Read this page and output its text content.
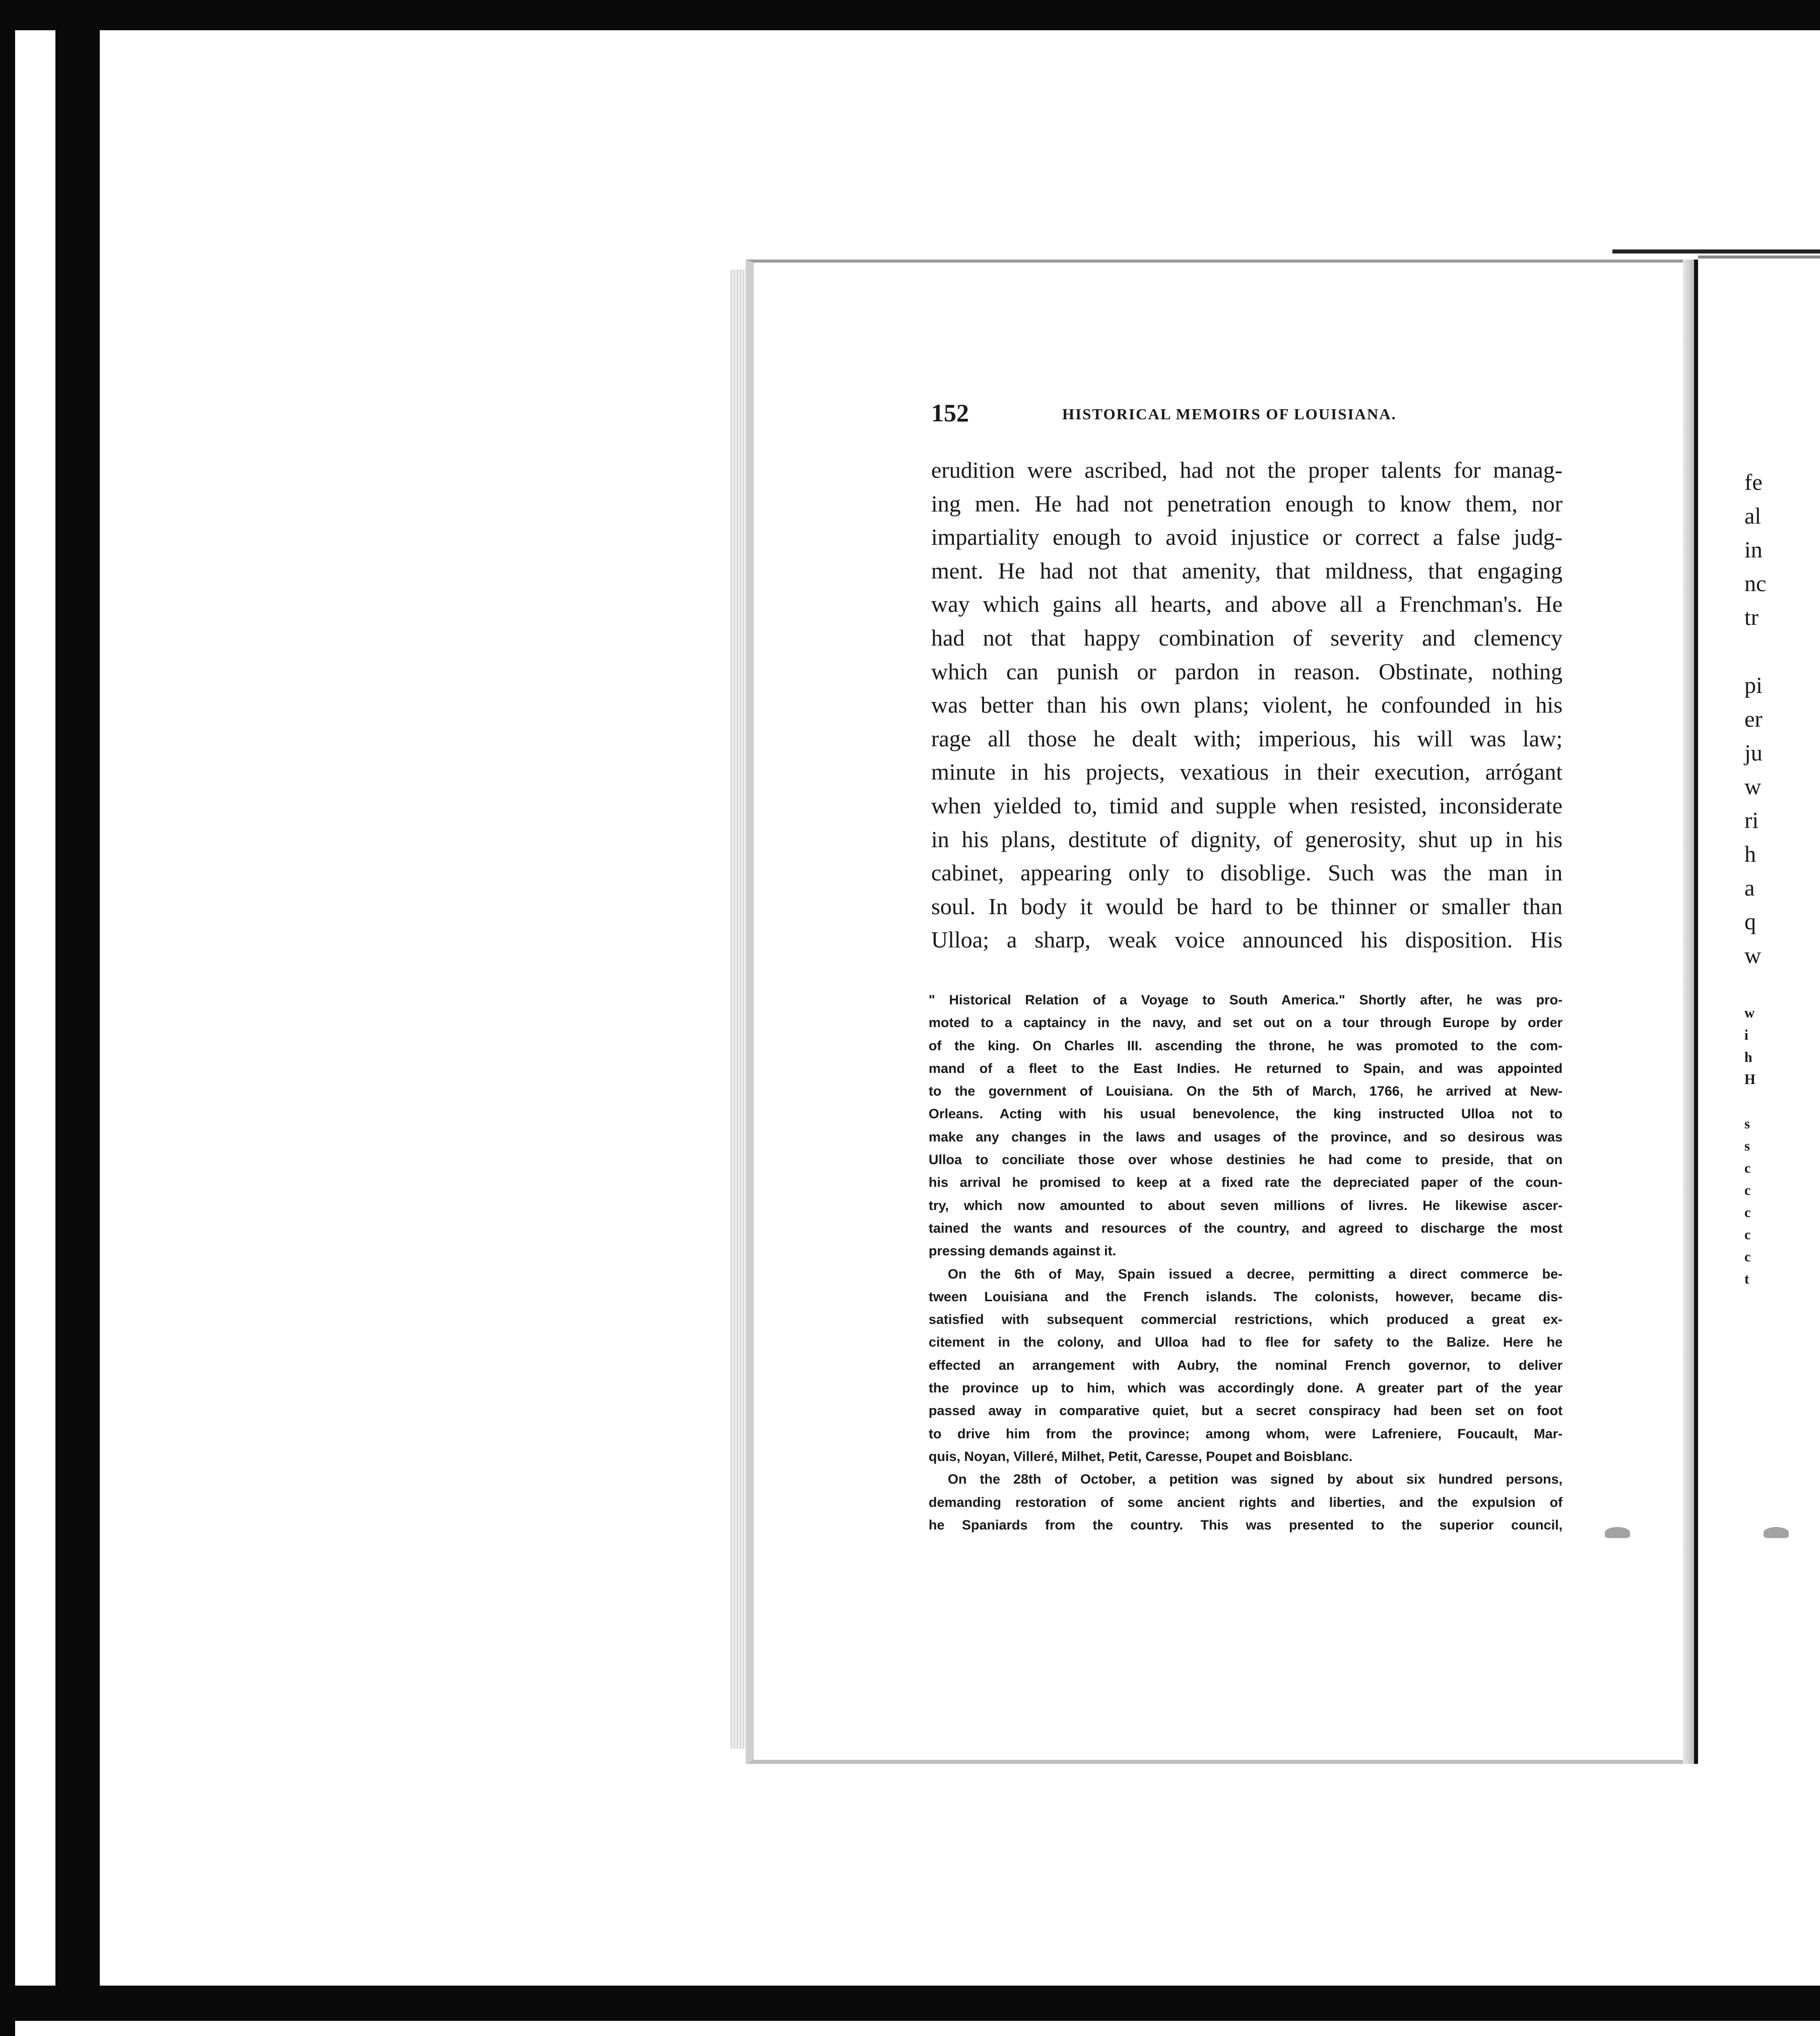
fe
al
in
nc
tr
pi
er
ju
w
ri
h
a
q
w
w
i
h
H
s
s
c
c
c
c
c
t
152	HISTORICAL MEMOIRS OF LOUISIANA.
erudition were ascribed, had not the proper talents for manag-
ing men. He had not penetration enough to know them, nor
impartiality enough to avoid injustice or correct a false judg-
ment. He had not that amenity, that mildness, that engaging
way which gains all hearts, and above all a Frenchman's. He
had not that happy combination of severity and clemency
which can punish or pardon in reason. Obstinate, nothing
was better than his own plans; violent, he confounded in his
rage all those he dealt with; imperious, his will was law;
minute in his projects, vexatious in their execution, arrógant
when yielded to, timid and supple when resisted, inconsiderate
in his plans, destitute of dignity, of generosity, shut up in his
cabinet, appearing only to disoblige. Such was the man in
soul. In body it would be hard to be thinner or smaller than
Ulloa; a sharp, weak voice announced his disposition. His
" Historical Relation of a Voyage to South America." Shortly after, he was pro-
moted to a captaincy in the navy, and set out on a tour through Europe by order
of the king. On Charles III. ascending the throne, he was promoted to the com-
mand of a fleet to the East Indies. He returned to Spain, and was appointed
to the government of Louisiana. On the 5th of March, 1766, he arrived at New-
Orleans. Acting with his usual benevolence, the king instructed Ulloa not to
make any changes in the laws and usages of the province, and so desirous was
Ulloa to conciliate those over whose destinies he had come to preside, that on
his arrival he promised to keep at a fixed rate the depreciated paper of the coun-
try, which now amounted to about seven millions of livres. He likewise ascer-
tained the wants and resources of the country, and agreed to discharge the most
pressing demands against it.
On the 6th of May, Spain issued a decree, permitting a direct commerce be-
tween Louisiana and the French islands. The colonists, however, became dis-
satisfied with subsequent commercial restrictions, which produced a great ex-
citement in the colony, and Ulloa had to flee for safety to the Balize. Here he
effected an arrangement with Aubry, the nominal French governor, to deliver
the province up to him, which was accordingly done. A greater part of the year
passed away in comparative quiet, but a secret conspiracy had been set on foot
to drive him from the province; among whom, were Lafreniere, Foucault, Mar-
quis, Noyan, Villeré, Milhet, Petit, Caresse, Poupet and Boisblanc.
On the 28th of October, a petition was signed by about six hundred persons,
demanding restoration of some ancient rights and liberties, and the expulsion of
he Spaniards from the country. This was presented to the superior council,
